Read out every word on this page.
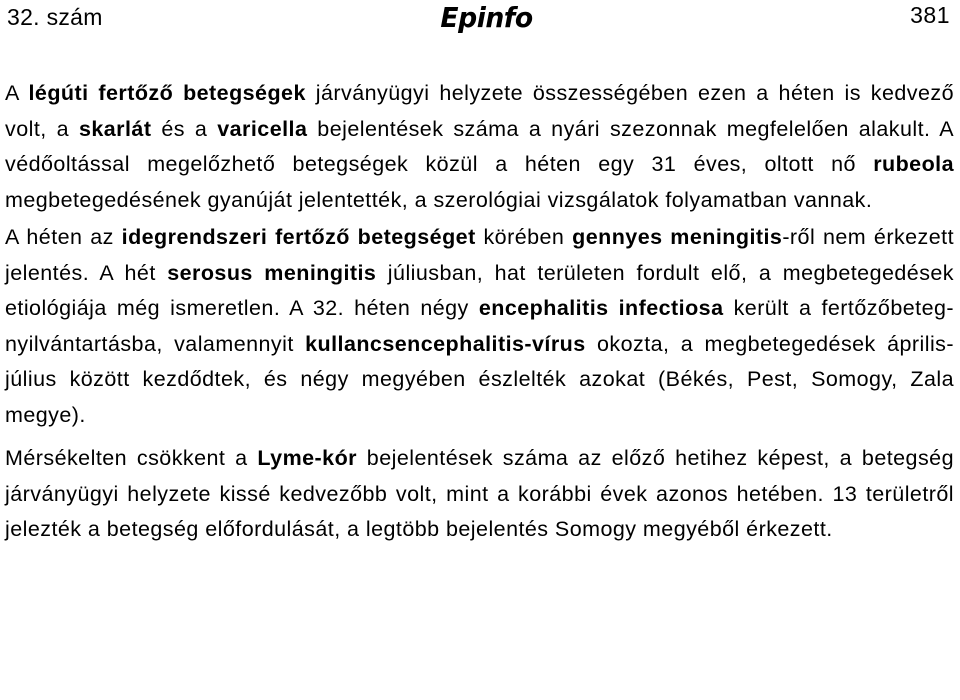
32. szám	Epinfo	381

A légúti fertőző betegségek járványügyi helyzete összességében ezen a héten is kedvező volt, a skarlát és a varicella bejelentések száma a nyári szezonnak megfelelően alakult. A védőoltással megelőzhető betegségek közül a héten egy 31 éves, oltott nő rubeola megbetegedésének gyanúját jelentették, a szerológiai vizsgálatok folyamatban vannak.

A héten az idegrendszeri fertőző betegséget körében gennyes meningitis-ről nem érkezett jelentés. A hét serosus meningitis júliusban, hat területen fordult elő, a megbetegedések etiológiája még ismeretlen. A 32. héten négy encephalitis infectiosa került a fertőzőbeteg-nyilvántartásba, valamennyit kullancsencephalitis-vírus okozta, a megbetegedések április-július között kezdődtek, és négy megyében észlelték azokat (Békés, Pest, Somogy, Zala megye).

Mérsékelten csökkent a Lyme-kór bejelentések száma az előző hetihez képest, a betegség járványügyi helyzete kissé kedvezőbb volt, mint a korábbi évek azonos hetében. 13 területről jelezték a betegség előfordulását, a legtöbb bejelentés Somogy megyéből érkezett.
